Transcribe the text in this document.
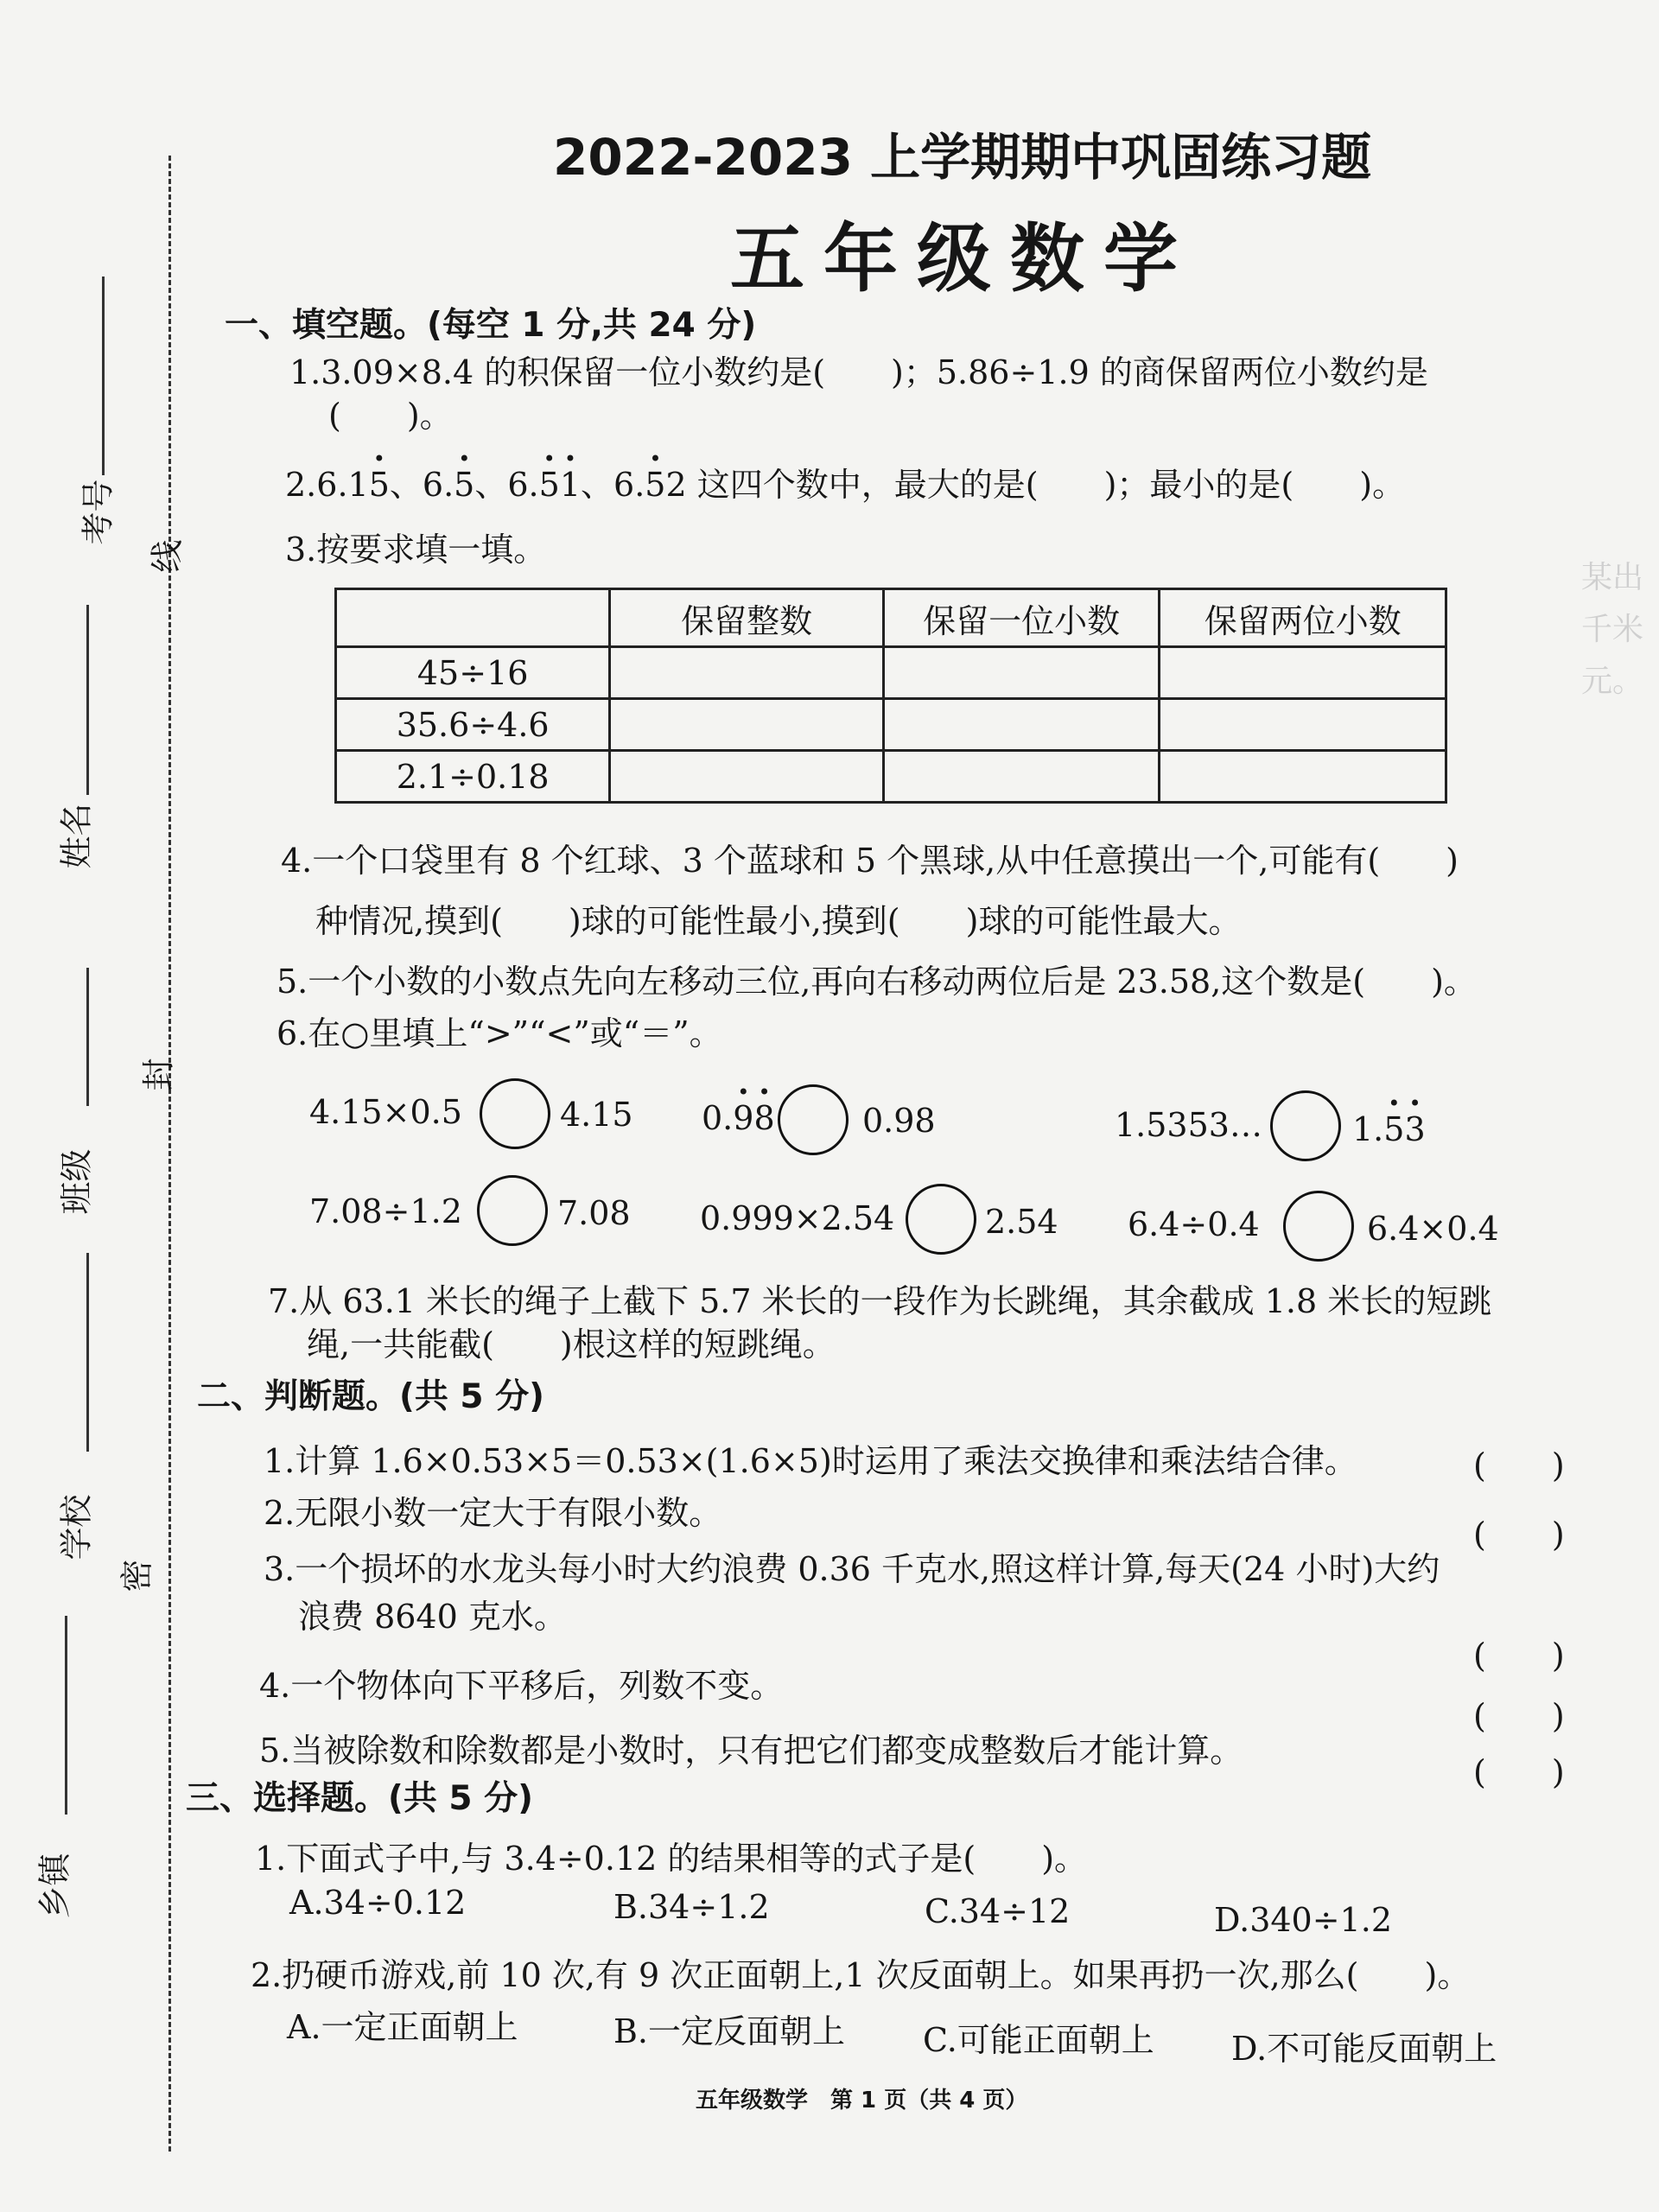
考号
线
姓名
封
班级
学校
密
乡镇
某出
千米
元。
2022-2023 上学期期中巩固练习题
五年级数学
一、填空题。(每空 1 分,共 24 分)
1.3.09×8.4 的积保留一位小数约是(　　)；5.86÷1.9 的商保留两位小数约是
(　　)。
2.6.1• 5、6.• 5、6.• 5• 1、6.• 52 这四个数中，最大的是(　　)；最小的是(　　)。
3.按要求填一填。
	保留整数	保留一位小数	保留两位小数
45÷16			
35.6÷4.6			
2.1÷0.18			
4.一个口袋里有 8 个红球、3 个蓝球和 5 个黑球,从中任意摸出一个,可能有(　　)
种情况,摸到(　　)球的可能性最小,摸到(　　)球的可能性最大。
5.一个小数的小数点先向左移动三位,再向右移动两位后是 23.58,这个数是(　　)。
6.在○里填上“>”“<”或“＝”。
4.15×0.5	4.15 0.• 9• 8	0.98	1.5353…	1.• 5• 3
7.08÷1.2	7.08 0.999×2.54	2.54 6.4÷0.4	6.4×0.4
7.从 63.1 米长的绳子上截下 5.7 米长的一段作为长跳绳，其余截成 1.8 米长的短跳
绳,一共能截(　　)根这样的短跳绳。
二、判断题。(共 5 分)
1.计算 1.6×0.53×5＝0.53×(1.6×5)时运用了乘法交换律和乘法结合律。	(　　)
2.无限小数一定大于有限小数。
(　　)
3.一个损坏的水龙头每小时大约浪费 0.36 千克水,照这样计算,每天(24 小时)大约
浪费 8640 克水。
(　　)
4.一个物体向下平移后，列数不变。
(　　)
5.当被除数和除数都是小数时，只有把它们都变成整数后才能计算。
(　　)
三、选择题。(共 5 分)
1.下面式子中,与 3.4÷0.12 的结果相等的式子是(　　)。
A.34÷0.12	B.34÷1.2	C.34÷12	D.340÷1.2
2.扔硬币游戏,前 10 次,有 9 次正面朝上,1 次反面朝上。如果再扔一次,那么(　　)。
A.一定正面朝上	B.一定反面朝上 C.可能正面朝上 D.不可能反面朝上
五年级数学　第 1 页（共 4 页）
